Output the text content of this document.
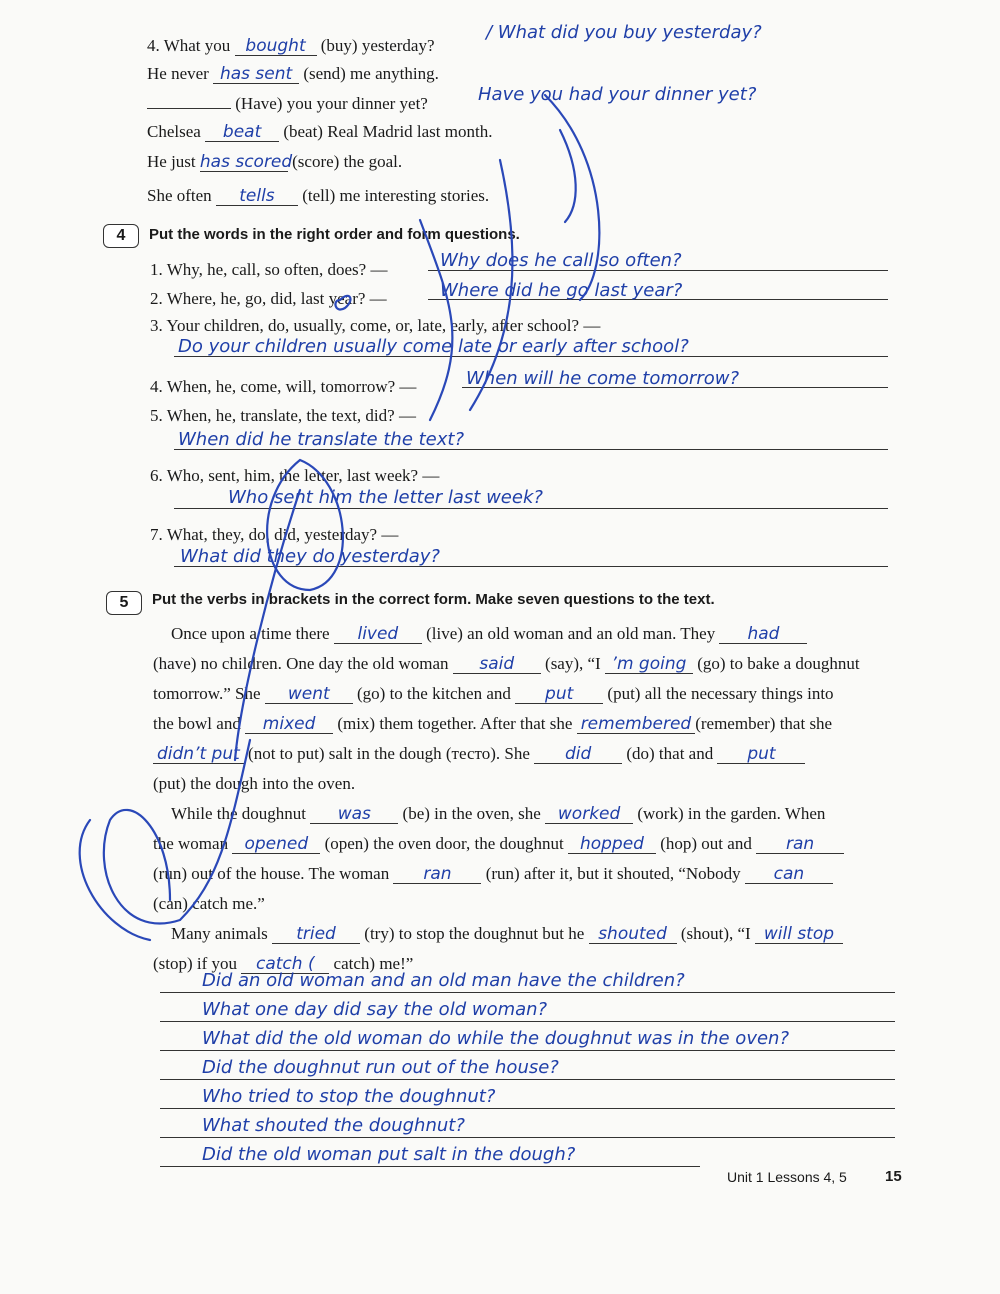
4. What you bought (buy) yesterday?
/ What did you buy yesterday?
He never has sent (send) me anything.
(Have) you your dinner yet?	Have you had your dinner yet?
Chelsea beat (beat) Real Madrid last month.
He just has scored (score) the goal.
She often tells (tell) me interesting stories.
4	Put the words in the right order and form questions.
1. Why, he, call, so often, does? —	Why does he call so often?
2. Where, he, go, did, last year? —	Where did he go last year?
3. Your children, do, usually, come, or, late, early, after school? —
Do your children usually come late or early after school?
4. When, he, come, will, tomorrow? —	When will he come tomorrow?
5. When, he, translate, the text, did? —
When did he translate the text?
6. Who, sent, him, the letter, last week? —
Who sent him the letter last week?
7. What, they, do, did, yesterday? —
What did they do yesterday?
5	Put the verbs in brackets in the correct form. Make seven questions to the text.
Once upon a time there lived (live) an old woman and an old man. They had
(have) no children. One day the old woman said (say), “I ’m going (go) to bake a doughnut
tomorrow.” She went (go) to the kitchen and put (put) all the necessary things into
the bowl and mixed (mix) them together. After that she remembered (remember) that she
didn’t put (not to put) salt in the dough (тесто). She did (do) that and put
(put) the dough into the oven.
While the doughnut was (be) in the oven, she worked (work) in the garden. When
the woman opened (open) the oven door, the doughnut hopped (hop) out and ran
(run) out of the house. The woman ran (run) after it, but it shouted, “Nobody can
(can) catch me.”
Many animals tried (try) to stop the doughnut but he shouted (shout), “I will stop
(stop) if you catch ( catch) me!”
Did an old woman and an old man have the children?
What one day did say the old woman?
What did the old woman do while the doughnut was in the oven?
Did the doughnut run out of the house?
Who tried to stop the doughnut?
What shouted the doughnut?
Did the old woman put salt in the dough?
Unit 1 Lessons 4, 5	15
